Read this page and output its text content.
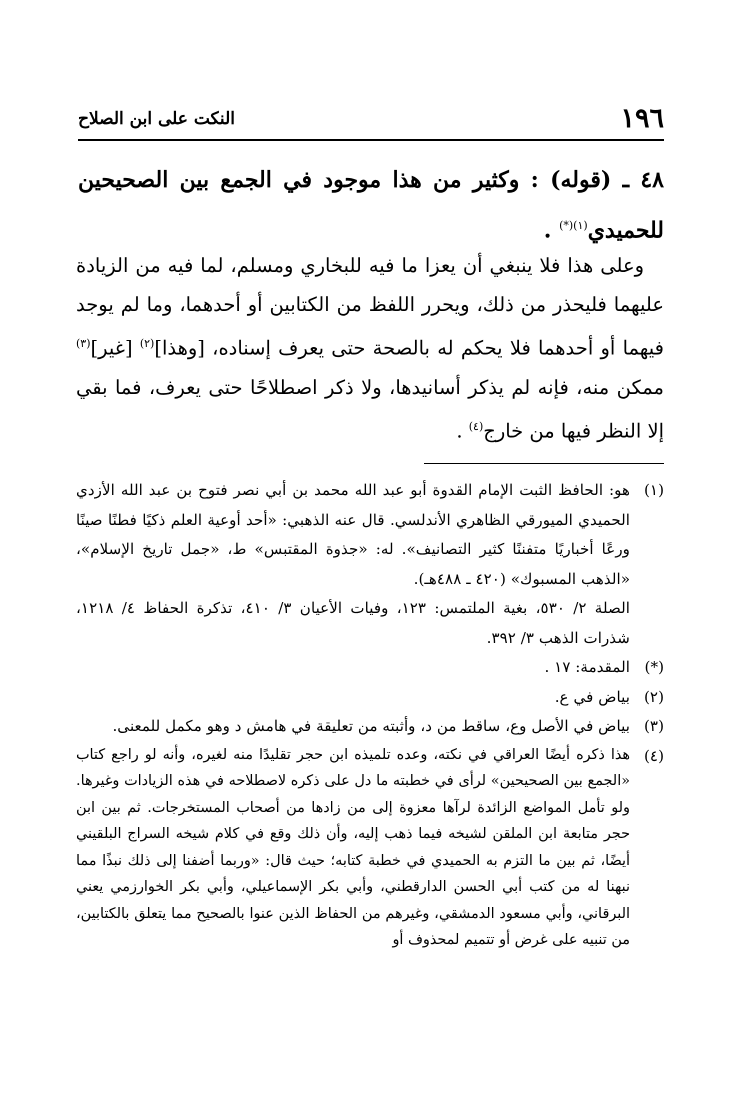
١٩٦
النكت على ابن الصلاح
٤٨ ـ (قوله) : وكثير من هذا موجود في الجمع بين الصحيحين للحميدي$^{(١)(*)}$ .
وعلى هذا فلا ينبغي أن يعزا ما فيه للبخاري ومسلم، لما فيه من الزيادة عليهما فليحذر من ذلك، ويحرر اللفظ من الكتابين أو أحدهما، وما لم يوجد فيهما أو أحدهما فلا يحكم له بالصحة حتى يعرف إسناده، [وهذا]$^{(٢)}$ [غير]$^{(٣)}$ ممكن منه، فإنه لم يذكر أسانيدها، ولا ذكر اصطلاحًا حتى يعرف، فما بقي إلا النظر فيها من خارج$^{(٤)}$ .
(١)

هو: الحافظ الثبت الإمام القدوة أبو عبد الله محمد بن أبي نصر فتوح بن عبد الله الأزدي الحميدي الميورقي الظاهري الأندلسي. قال عنه الذهبي: «أحد أوعية العلم ذكيًا فطنًا صينًا ورعًا أخباريًا متفننًا كثير التصانيف». له: «جذوة المقتبس» ط، «جمل تاريخ الإسلام»، «الذهب المسبوك» (٤٢٠ ـ ٤٨٨هـ).

الصلة ٢/ ٥٣٠، بغية الملتمس: ١٢٣، وفيات الأعيان ٣/ ٤١٠، تذكرة الحفاظ ٤/ ١٢١٨، شذرات الذهب ٣/ ٣٩٢.

(*)

المقدمة: ١٧ .

(٢)

بياض في ع.

(٣)

بياض في الأصل وع، ساقط من د، وأثبته من تعليقة في هامش د وهو مكمل للمعنى.

(٤)

هذا ذكره أيضًا العراقي في نكته، وعده تلميذه ابن حجر تقليدًا منه لغيره، وأنه لو راجع كتاب «الجمع بين الصحيحين» لرأى في خطبته ما دل على ذكره لاصطلاحه في هذه الزيادات وغيرها. ولو تأمل المواضع الزائدة لرآها معزوة إلى من زادها من أصحاب المستخرجات. ثم بين ابن حجر متابعة ابن الملقن لشيخه فيما ذهب إليه، وأن ذلك وقع في كلام شيخه السراج البلقيني أيضًا، ثم بين ما التزم به الحميدي في خطبة كتابه؛ حيث قال: «وربما أضفنا إلى ذلك نبذًا مما نبهنا له من كتب أبي الحسن الدارقطني، وأبي بكر الإسماعيلي، وأبي بكر الخوارزمي يعني البرقاني، وأبي مسعود الدمشقي، وغيرهم من الحفاظ الذين عنوا بالصحيح مما يتعلق بالكتابين، من تنبيه على غرض أو تتميم لمحذوف أو
